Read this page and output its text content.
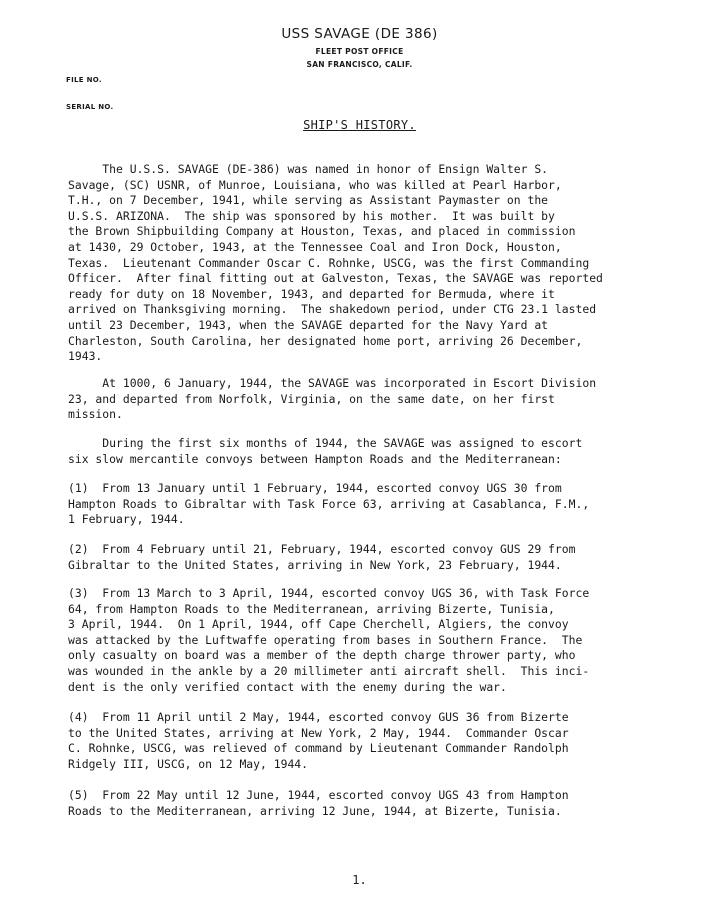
USS SAVAGE (DE 386)
FLEET POST OFFICE
SAN FRANCISCO, CALIF.
FILE NO.
SERIAL NO.
SHIP'S HISTORY.
The U.S.S. SAVAGE (DE-386) was named in honor of Ensign Walter S.
Savage, (SC) USNR, of Munroe, Louisiana, who was killed at Pearl Harbor,
T.H., on 7 December, 1941, while serving as Assistant Paymaster on the
U.S.S. ARIZONA.  The ship was sponsored by his mother.  It was built by
the Brown Shipbuilding Company at Houston, Texas, and placed in commission
at 1430, 29 October, 1943, at the Tennessee Coal and Iron Dock, Houston,
Texas.  Lieutenant Commander Oscar C. Rohnke, USCG, was the first Commanding
Officer.  After final fitting out at Galveston, Texas, the SAVAGE was reported
ready for duty on 18 November, 1943, and departed for Bermuda, where it
arrived on Thanksgiving morning.  The shakedown period, under CTG 23.1 lasted
until 23 December, 1943, when the SAVAGE departed for the Navy Yard at
Charleston, South Carolina, her designated home port, arriving 26 December,
1943.
At 1000, 6 January, 1944, the SAVAGE was incorporated in Escort Division
23, and departed from Norfolk, Virginia, on the same date, on her first
mission.
During the first six months of 1944, the SAVAGE was assigned to escort
six slow mercantile convoys between Hampton Roads and the Mediterranean:
(1)  From 13 January until 1 February, 1944, escorted convoy UGS 30 from
Hampton Roads to Gibraltar with Task Force 63, arriving at Casablanca, F.M.,
1 February, 1944.
(2)  From 4 February until 21, February, 1944, escorted convoy GUS 29 from
Gibraltar to the United States, arriving in New York, 23 February, 1944.
(3)  From 13 March to 3 April, 1944, escorted convoy UGS 36, with Task Force
64, from Hampton Roads to the Mediterranean, arriving Bizerte, Tunisia,
3 April, 1944.  On 1 April, 1944, off Cape Cherchell, Algiers, the convoy
was attacked by the Luftwaffe operating from bases in Southern France.  The
only casualty on board was a member of the depth charge thrower party, who
was wounded in the ankle by a 20 millimeter anti aircraft shell.  This inci-
dent is the only verified contact with the enemy during the war.
(4)  From 11 April until 2 May, 1944, escorted convoy GUS 36 from Bizerte
to the United States, arriving at New York, 2 May, 1944.  Commander Oscar
C. Rohnke, USCG, was relieved of command by Lieutenant Commander Randolph
Ridgely III, USCG, on 12 May, 1944.
(5)  From 22 May until 12 June, 1944, escorted convoy UGS 43 from Hampton
Roads to the Mediterranean, arriving 12 June, 1944, at Bizerte, Tunisia.
1.
